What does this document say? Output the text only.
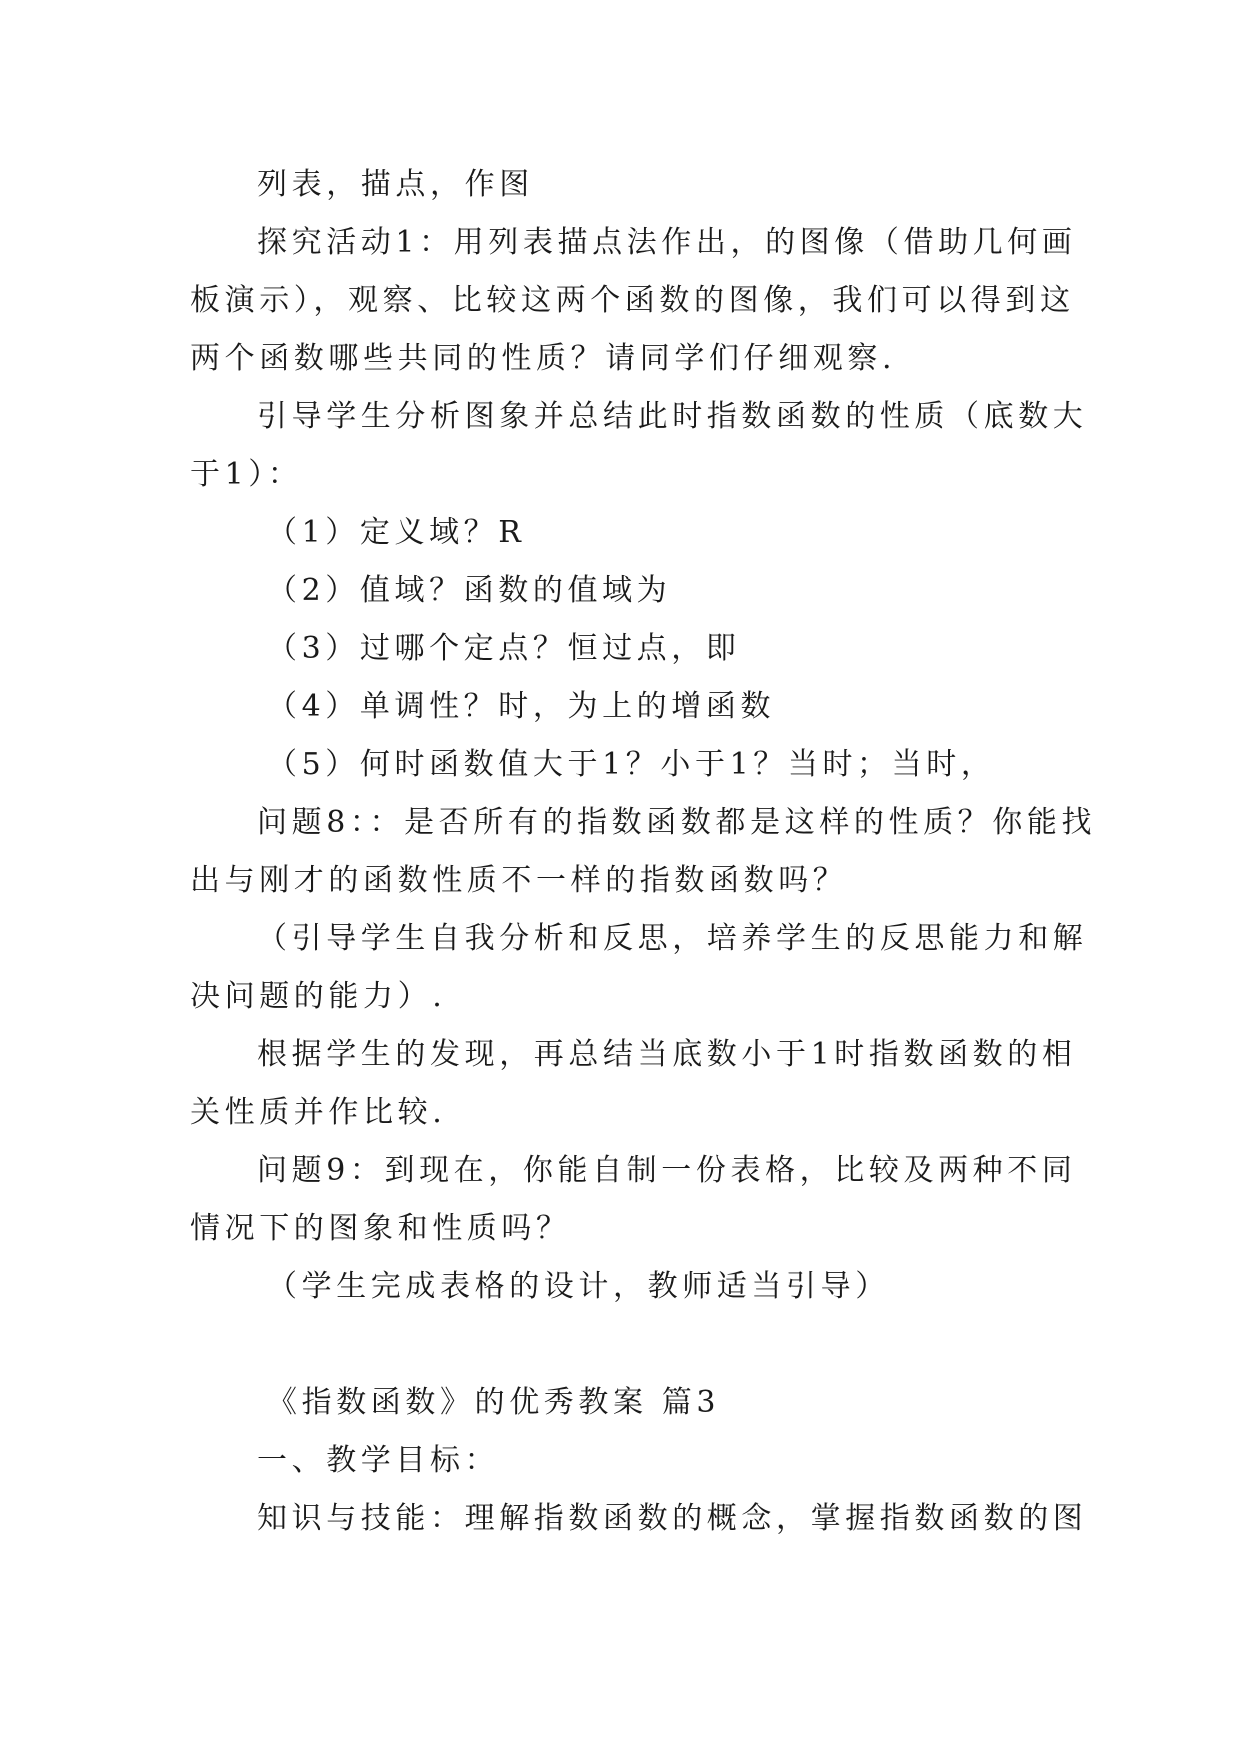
列表，描点，作图
探究活动1：用列表描点法作出，的图像（借助几何画
板演示），观察、比较这两个函数的图像，我们可以得到这
两个函数哪些共同的性质？请同学们仔细观察.
引导学生分析图象并总结此时指数函数的性质（底数大
于1）：
（1）定义域？R
（2）值域？函数的值域为
（3）过哪个定点？恒过点，即
（4）单调性？时，为上的增函数
（5）何时函数值大于1？小于1？当时；当时，
问题8：：是否所有的指数函数都是这样的性质？你能找
出与刚才的函数性质不一样的指数函数吗？
（引导学生自我分析和反思，培养学生的反思能力和解
决问题的能力）.
根据学生的发现，再总结当底数小于1时指数函数的相
关性质并作比较.
问题9：到现在，你能自制一份表格，比较及两种不同
情况下的图象和性质吗？
（学生完成表格的设计，教师适当引导）
《指数函数》的优秀教案 篇3
一、教学目标：
知识与技能：理解指数函数的概念，掌握指数函数的图
